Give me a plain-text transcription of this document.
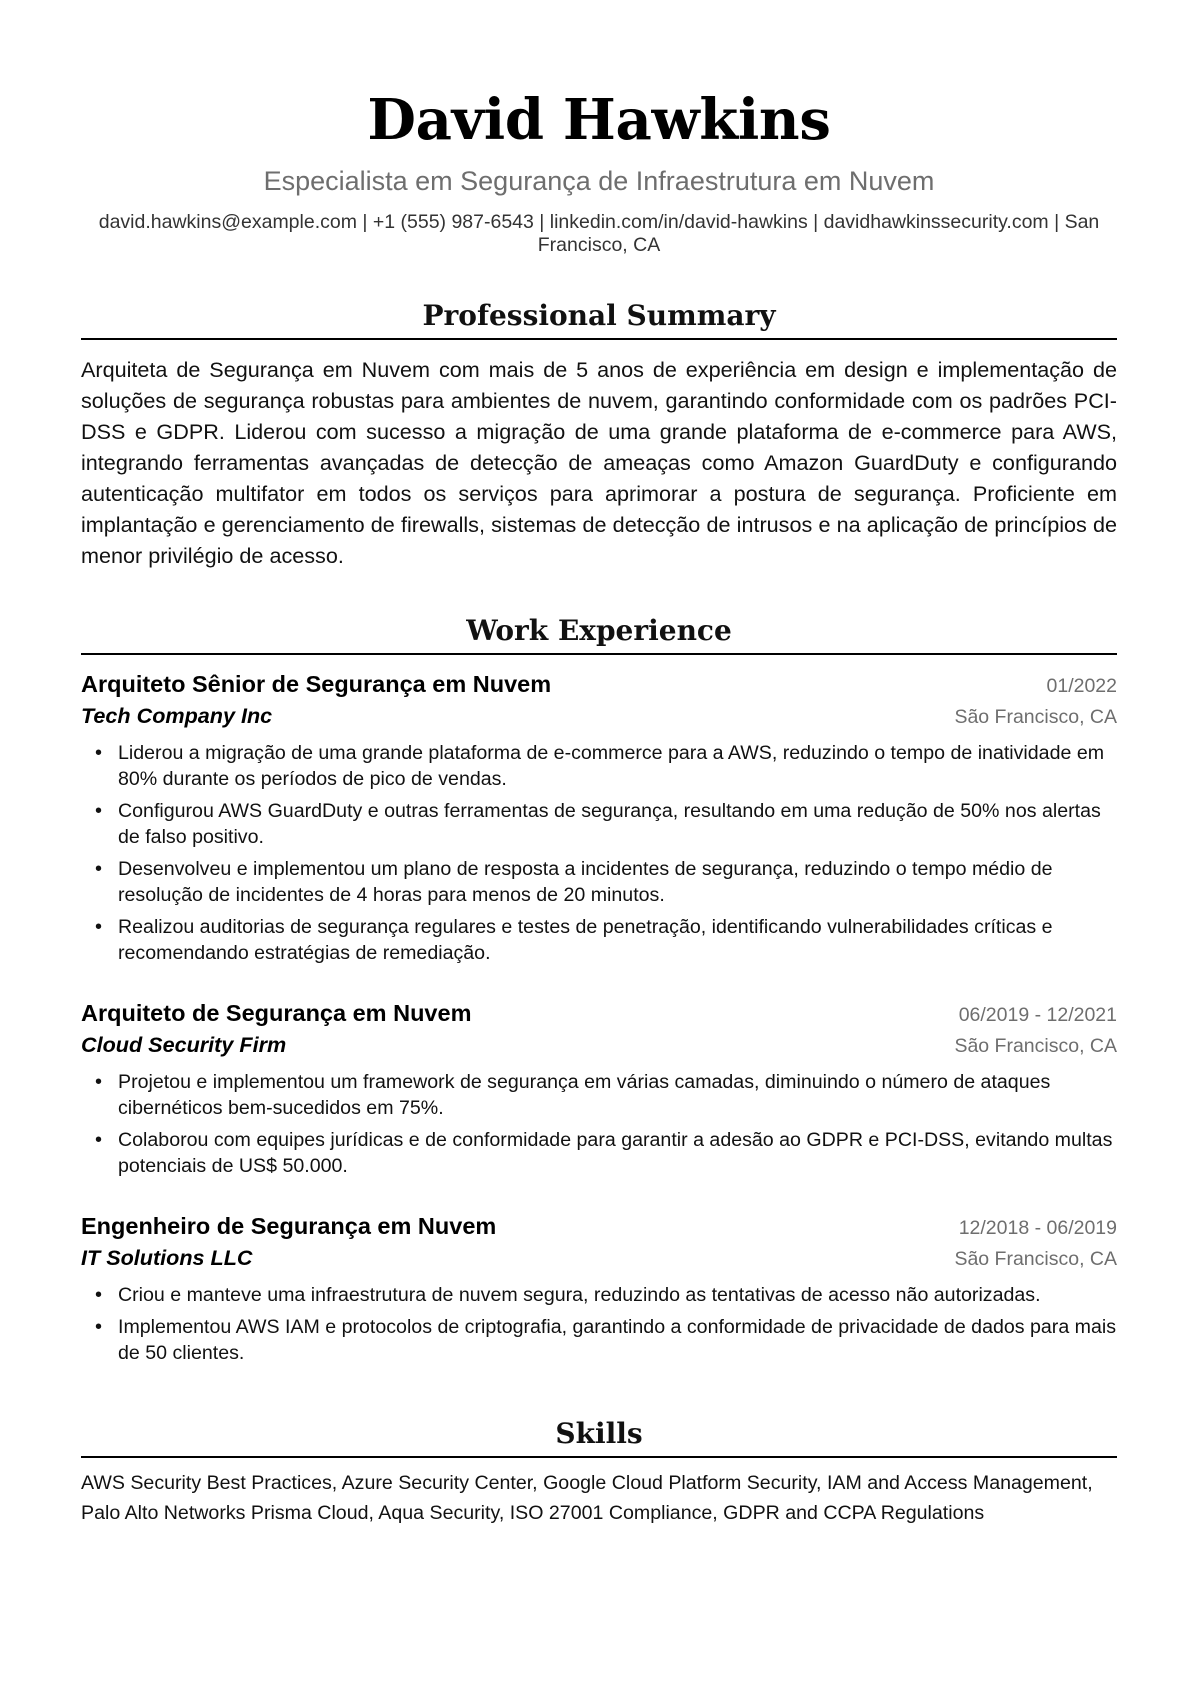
David Hawkins
Especialista em Segurança de Infraestrutura em Nuvem
david.hawkins@example.com | +1 (555) 987-6543 | linkedin.com/in/david-hawkins | davidhawkinssecurity.com | San Francisco, CA
Professional Summary

Arquiteta de Segurança em Nuvem com mais de 5 anos de experiência em design e implementação de soluções de segurança robustas para ambientes de nuvem, garantindo conformidade com os padrões PCI-DSS e GDPR. Liderou com sucesso a migração de uma grande plataforma de e-commerce para AWS, integrando ferramentas avançadas de detecção de ameaças como Amazon GuardDuty e configurando autenticação multifator em todos os serviços para aprimorar a postura de segurança. Proficiente em implantação e gerenciamento de firewalls, sistemas de detecção de intrusos e na aplicação de princípios de menor privilégio de acesso.

Work Experience
Arquiteto Sênior de Segurança em Nuvem	01/2022
Tech Company Inc	São Francisco, CA
• Liderou a migração de uma grande plataforma de e-commerce para a AWS, reduzindo o tempo de inatividade em 80% durante os períodos de pico de vendas.
• Configurou AWS GuardDuty e outras ferramentas de segurança, resultando em uma redução de 50% nos alertas de falso positivo.
• Desenvolveu e implementou um plano de resposta a incidentes de segurança, reduzindo o tempo médio de resolução de incidentes de 4 horas para menos de 20 minutos.
• Realizou auditorias de segurança regulares e testes de penetração, identificando vulnerabilidades críticas e recomendando estratégias de remediação.
Arquiteto de Segurança em Nuvem	06/2019 - 12/2021
Cloud Security Firm	São Francisco, CA
• Projetou e implementou um framework de segurança em várias camadas, diminuindo o número de ataques cibernéticos bem-sucedidos em 75%.
• Colaborou com equipes jurídicas e de conformidade para garantir a adesão ao GDPR e PCI-DSS, evitando multas potenciais de US$ 50.000.
Engenheiro de Segurança em Nuvem	12/2018 - 06/2019
IT Solutions LLC	São Francisco, CA
• Criou e manteve uma infraestrutura de nuvem segura, reduzindo as tentativas de acesso não autorizadas.
• Implementou AWS IAM e protocolos de criptografia, garantindo a conformidade de privacidade de dados para mais de 50 clientes.
Skills
AWS Security Best Practices, Azure Security Center, Google Cloud Platform Security, IAM and Access Management, Palo Alto Networks Prisma Cloud, Aqua Security, ISO 27001 Compliance, GDPR and CCPA Regulations
